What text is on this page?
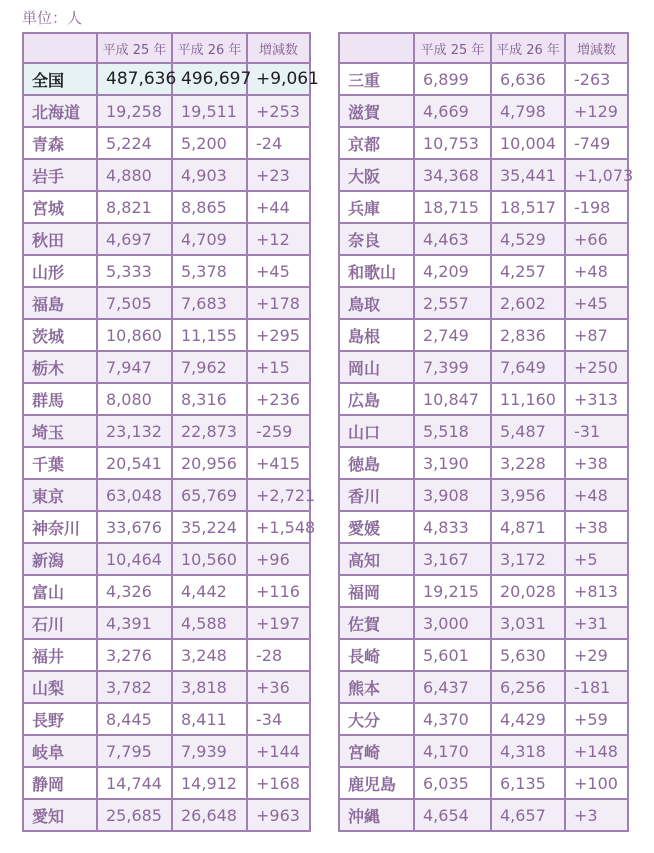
単位：人
	平成 25 年	平成 26 年	増減数
全国	487,636	496,697	+9,061
北海道	19,258	19,511	+253
青森	5,224	5,200	-24
岩手	4,880	4,903	+23
宮城	8,821	8,865	+44
秋田	4,697	4,709	+12
山形	5,333	5,378	+45
福島	7,505	7,683	+178
茨城	10,860	11,155	+295
栃木	7,947	7,962	+15
群馬	8,080	8,316	+236
埼玉	23,132	22,873	-259
千葉	20,541	20,956	+415
東京	63,048	65,769	+2,721
神奈川	33,676	35,224	+1,548
新潟	10,464	10,560	+96
富山	4,326	4,442	+116
石川	4,391	4,588	+197
福井	3,276	3,248	-28
山梨	3,782	3,818	+36
長野	8,445	8,411	-34
岐阜	7,795	7,939	+144
静岡	14,744	14,912	+168
愛知	25,685	26,648	+963
	平成 25 年	平成 26 年	増減数
三重	6,899	6,636	-263
滋賀	4,669	4,798	+129
京都	10,753	10,004	-749
大阪	34,368	35,441	+1,073
兵庫	18,715	18,517	-198
奈良	4,463	4,529	+66
和歌山	4,209	4,257	+48
鳥取	2,557	2,602	+45
島根	2,749	2,836	+87
岡山	7,399	7,649	+250
広島	10,847	11,160	+313
山口	5,518	5,487	-31
徳島	3,190	3,228	+38
香川	3,908	3,956	+48
愛媛	4,833	4,871	+38
高知	3,167	3,172	+5
福岡	19,215	20,028	+813
佐賀	3,000	3,031	+31
長崎	5,601	5,630	+29
熊本	6,437	6,256	-181
大分	4,370	4,429	+59
宮崎	4,170	4,318	+148
鹿児島	6,035	6,135	+100
沖縄	4,654	4,657	+3
